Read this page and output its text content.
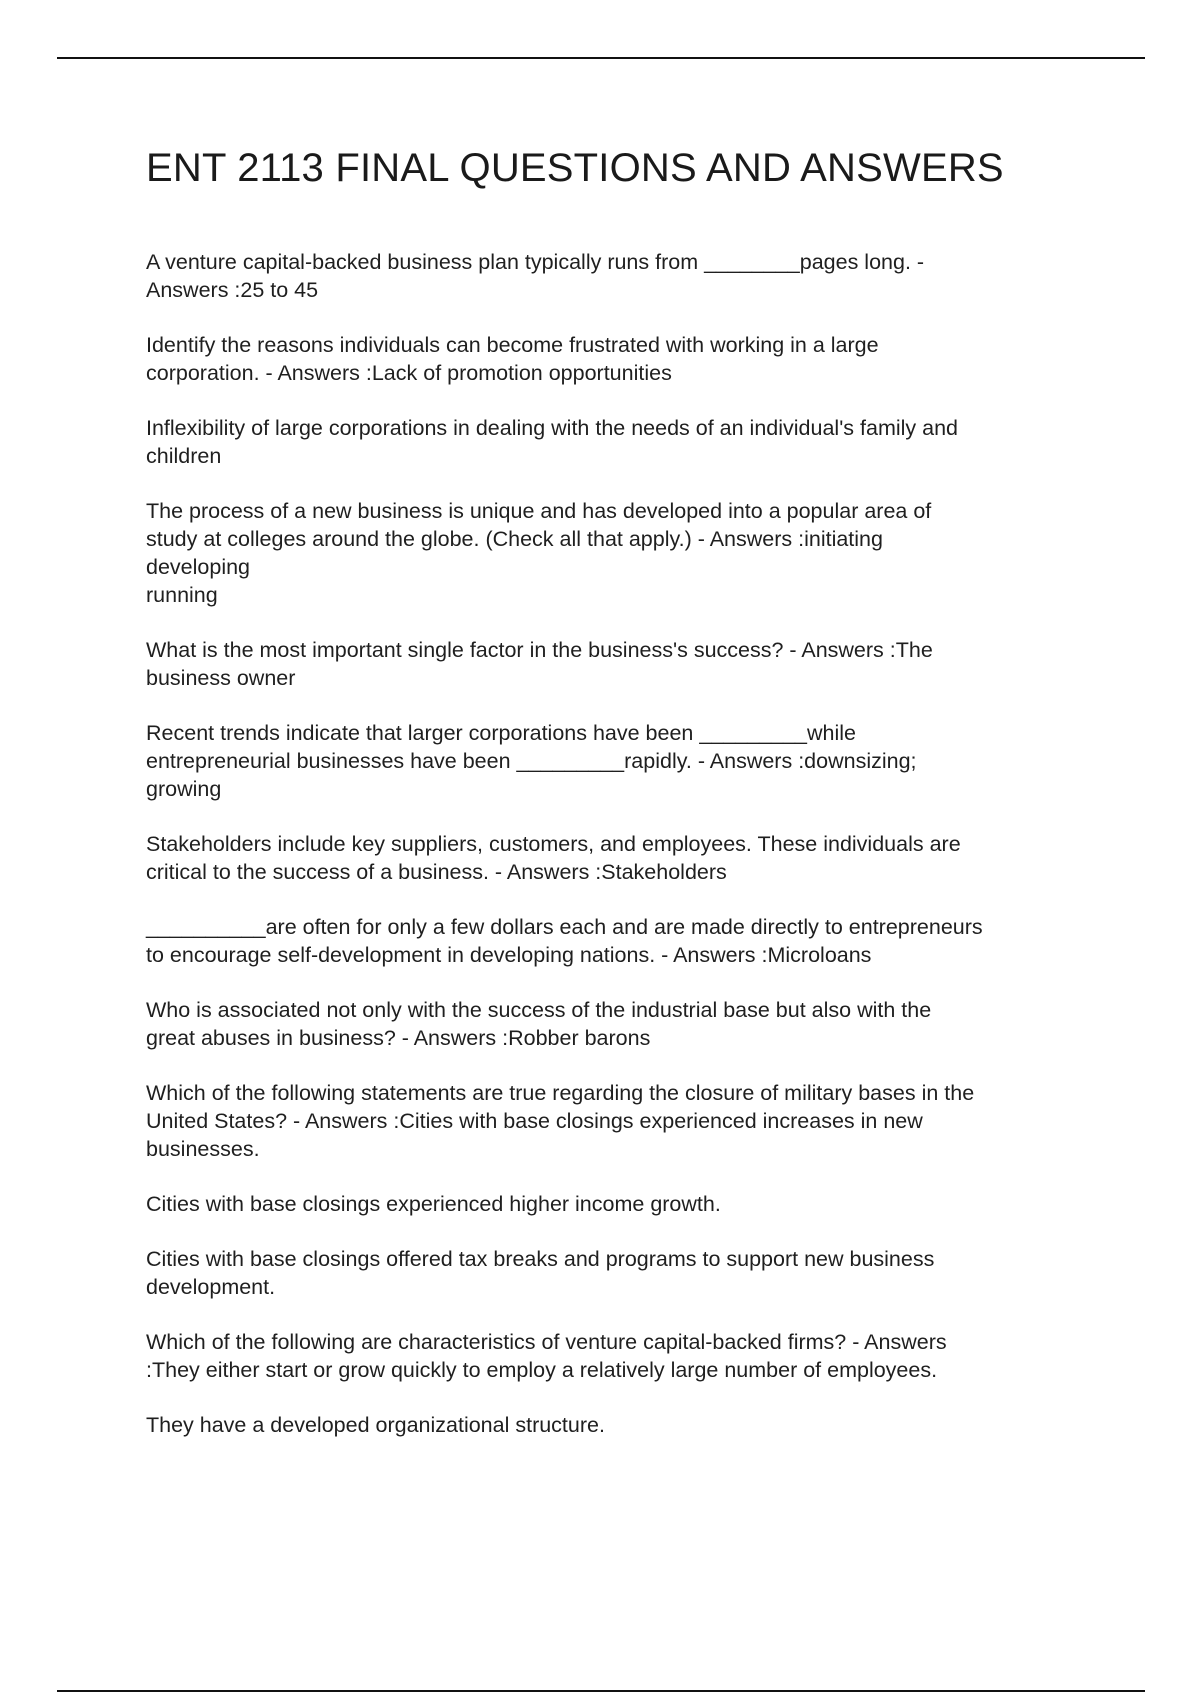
ENT 2113 FINAL QUESTIONS AND ANSWERS

A venture capital-backed business plan typically runs from ________pages long. -
Answers :25 to 45

Identify the reasons individuals can become frustrated with working in a large
corporation. - Answers :Lack of promotion opportunities

Inflexibility of large corporations in dealing with the needs of an individual's family and
children

The process of a new business is unique and has developed into a popular area of
study at colleges around the globe. (Check all that apply.) - Answers :initiating
developing
running

What is the most important single factor in the business's success? - Answers :The
business owner

Recent trends indicate that larger corporations have been _________while
entrepreneurial businesses have been _________rapidly. - Answers :downsizing;
growing

Stakeholders include key suppliers, customers, and employees. These individuals are
critical to the success of a business. - Answers :Stakeholders

__________are often for only a few dollars each and are made directly to entrepreneurs
to encourage self-development in developing nations. - Answers :Microloans

Who is associated not only with the success of the industrial base but also with the
great abuses in business? - Answers :Robber barons

Which of the following statements are true regarding the closure of military bases in the
United States? - Answers :Cities with base closings experienced increases in new
businesses.

Cities with base closings experienced higher income growth.

Cities with base closings offered tax breaks and programs to support new business
development.

Which of the following are characteristics of venture capital-backed firms? - Answers
:They either start or grow quickly to employ a relatively large number of employees.

They have a developed organizational structure.
